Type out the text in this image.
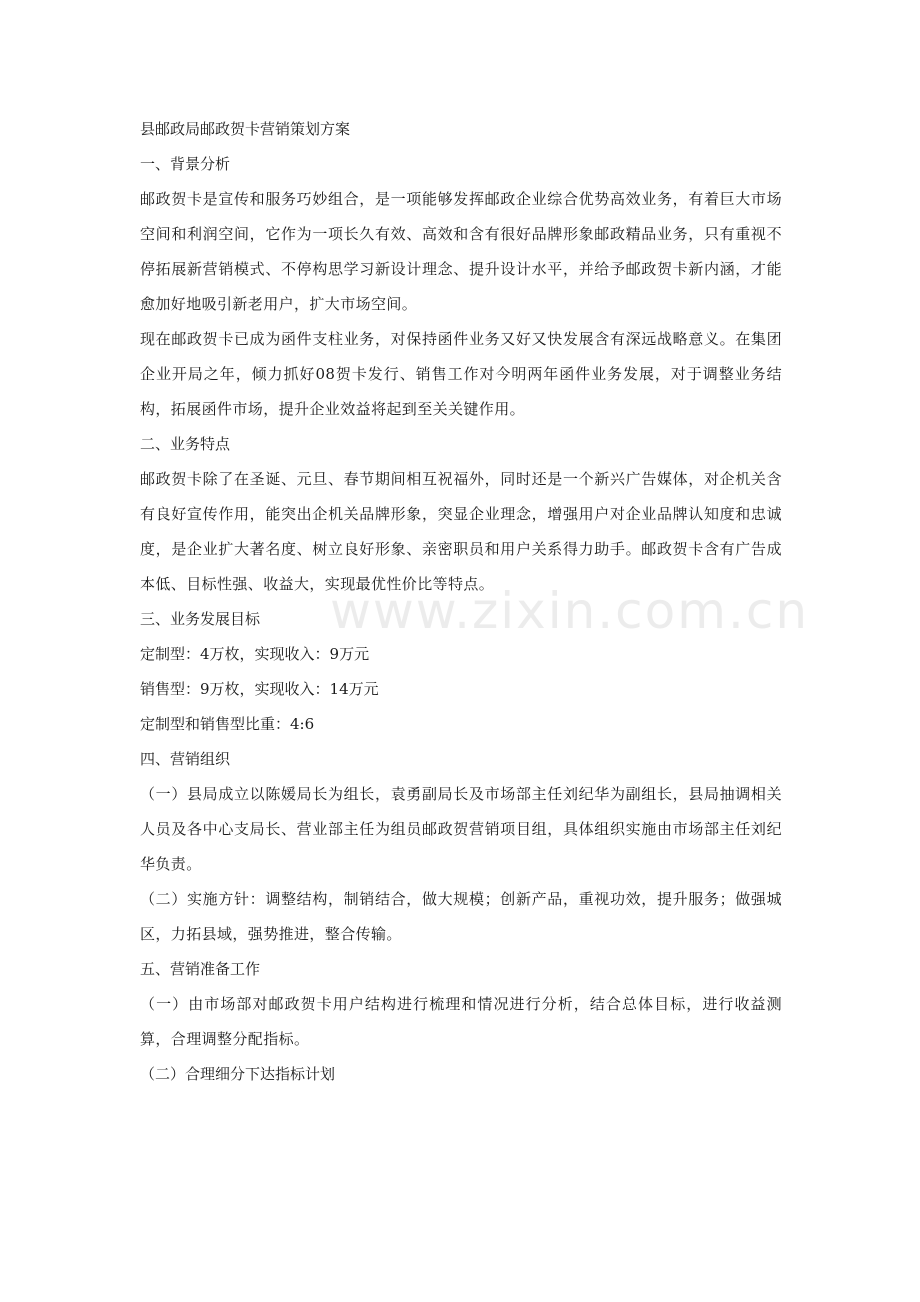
www.zixin.com.cn

县邮政局邮政贺卡营销策划方案

一、背景分析

邮政贺卡是宣传和服务巧妙组合，是一项能够发挥邮政企业综合优势高效业务，有着巨大市场空间和利润空间，它作为一项长久有效、高效和含有很好品牌形象邮政精品业务，只有重视不停拓展新营销模式、不停构思学习新设计理念、提升设计水平，并给予邮政贺卡新内涵，才能愈加好地吸引新老用户，扩大市场空间。

现在邮政贺卡已成为函件支柱业务，对保持函件业务又好又快发展含有深远战略意义。在集团企业开局之年，倾力抓好08贺卡发行、销售工作对今明两年函件业务发展，对于调整业务结构，拓展函件市场，提升企业效益将起到至关关键作用。

二、业务特点

邮政贺卡除了在圣诞、元旦、春节期间相互祝福外，同时还是一个新兴广告媒体，对企机关含有良好宣传作用，能突出企机关品牌形象，突显企业理念，增强用户对企业品牌认知度和忠诚度，是企业扩大著名度、树立良好形象、亲密职员和用户关系得力助手。邮政贺卡含有广告成本低、目标性强、收益大，实现最优性价比等特点。

三、业务发展目标

定制型：4万枚，实现收入：9万元

销售型：9万枚，实现收入：14万元

定制型和销售型比重：4:6

四、营销组织

（一）县局成立以陈媛局长为组长，袁勇副局长及市场部主任刘纪华为副组长，县局抽调相关人员及各中心支局长、营业部主任为组员邮政贺营销项目组，具体组织实施由市场部主任刘纪华负责。

（二）实施方针：调整结构，制销结合，做大规模；创新产品，重视功效，提升服务；做强城区，力拓县域，强势推进，整合传输。

五、营销准备工作

（一）由市场部对邮政贺卡用户结构进行梳理和情况进行分析，结合总体目标，进行收益测算，合理调整分配指标。

（二）合理细分下达指标计划
